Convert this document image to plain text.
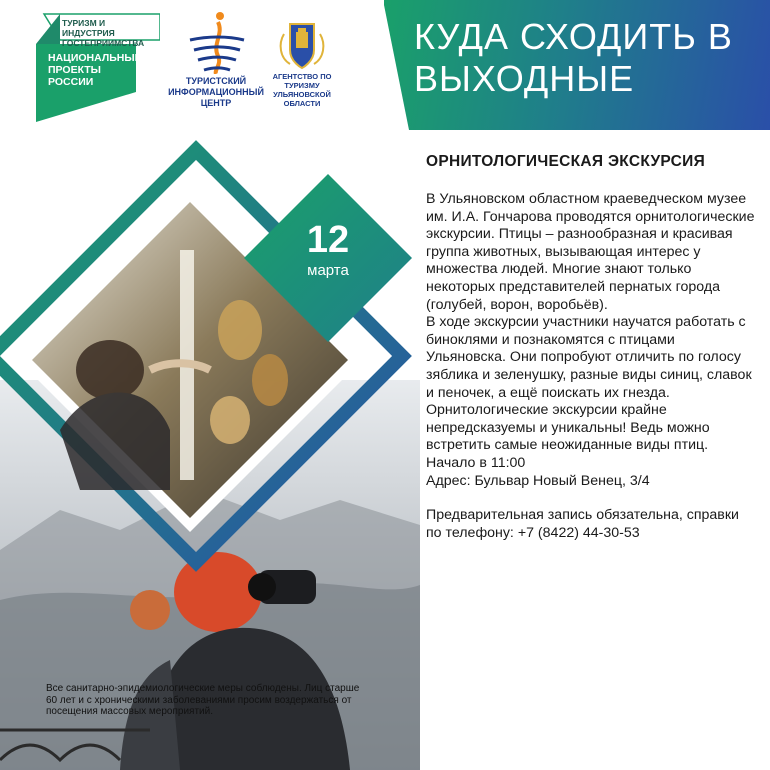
ТУРИЗМ И ИНДУСТРИЯ ГОСТЕПРИИМСТВА
НАЦИОНАЛЬНЫЕ ПРОЕКТЫ РОССИИ	ТУРИСТСКИЙ ИНФОРМАЦИОННЫЙ ЦЕНТР
АГЕНТСТВО ПО ТУРИЗМУ УЛЬЯНОВСКОЙ ОБЛАСТИ
КУДА СХОДИТЬ В ВЫХОДНЫЕ
12
марта
ОРНИТОЛОГИЧЕСКАЯ ЭКСКУРСИЯ

В Ульяновском областном краеведческом музее им. И.А. Гончарова проводятся орнитологические экскурсии. Птицы – разнообразная и красивая группа животных, вызывающая интерес у множества людей. Многие знают только некоторых представителей пернатых города (голубей, ворон, воробьёв).

В ходе экскурсии участники научатся работать с биноклями и познакомятся с птицами Ульяновска. Они попробуют отличить по голосу зяблика и зеленушку, разные виды синиц, славок и пеночек, а ещё поискать их гнезда. Орнитологические экскурсии крайне непредсказуемы и уникальны! Ведь можно встретить самые неожиданные виды птиц.

Начало в 11:00
Адрес: Бульвар Новый Венец, 3/4
Предварительная запись обязательна, справки по телефону: +7 (8422) 44-30-53
Все санитарно-эпидемиологические меры соблюдены. Лиц старше 60 лет и с хроническими заболеваниями просим воздержаться от посещения массовых мероприятий.
